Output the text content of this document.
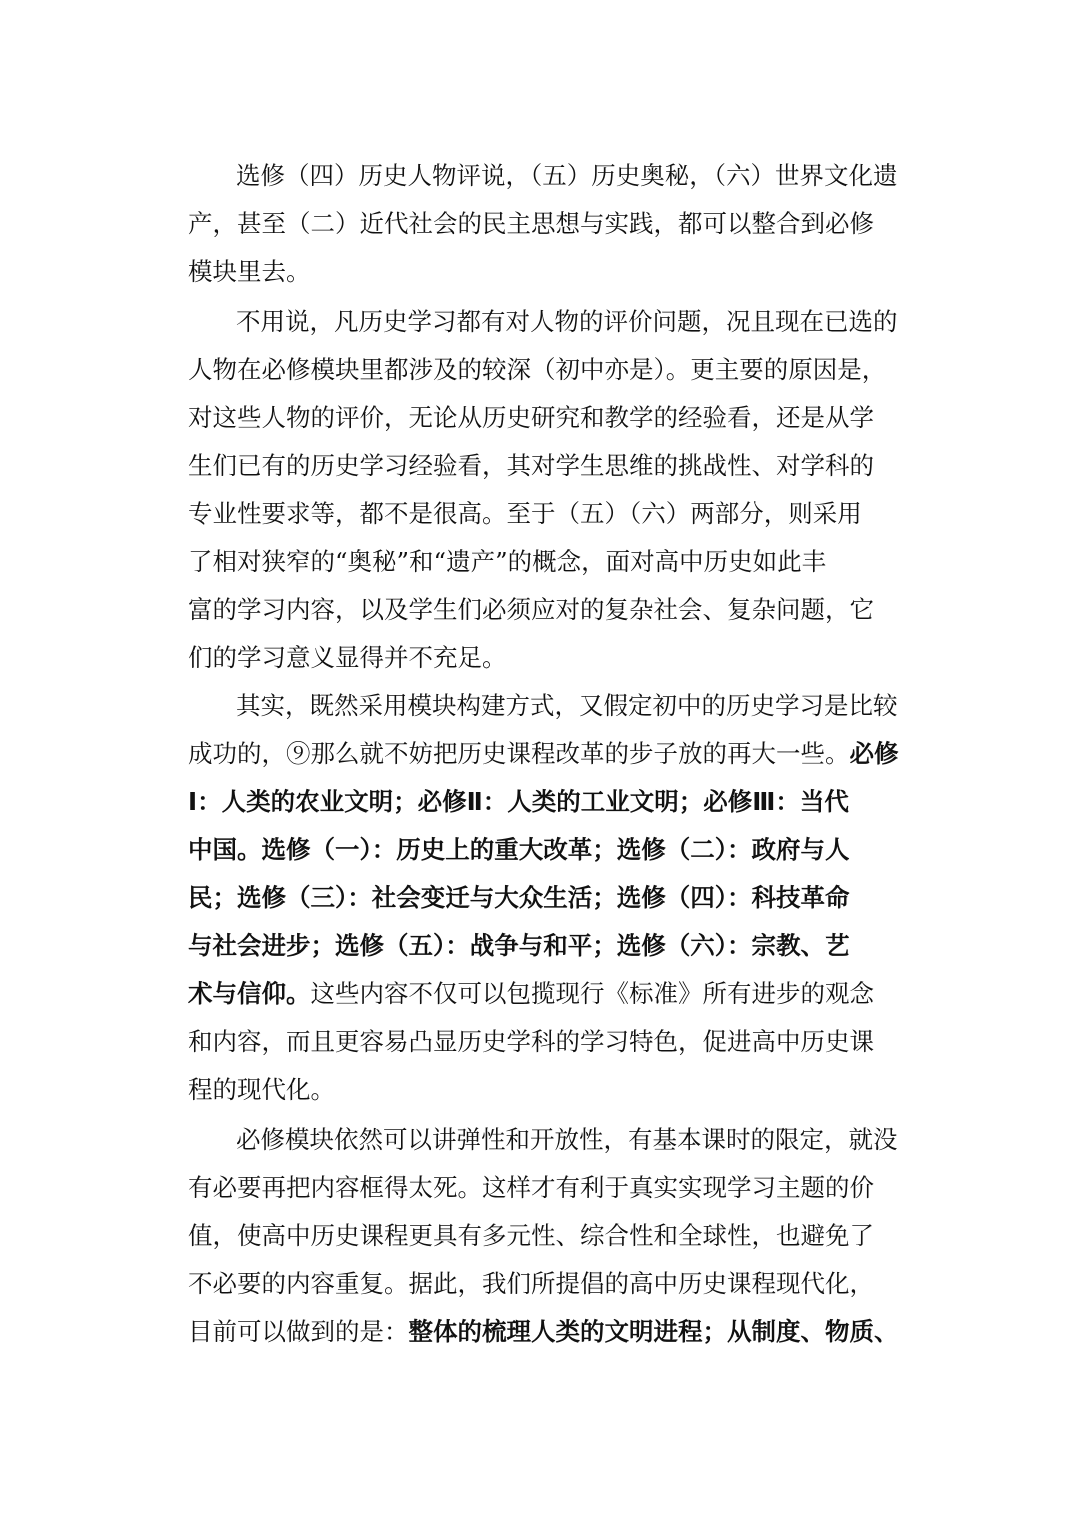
选修（四）历史人物评说，（五）历史奥秘，（六）世界文化遗
产，甚至（二）近代社会的民主思想与实践，都可以整合到必修
模块里去。
不用说，凡历史学习都有对人物的评价问题，况且现在已选的
人物在必修模块里都涉及的较深（初中亦是）。更主要的原因是，
对这些人物的评价，无论从历史研究和教学的经验看，还是从学
生们已有的历史学习经验看，其对学生思维的挑战性、对学科的
专业性要求等，都不是很高。至于（五）（六）两部分，则采用
了相对狭窄的“奥秘”和“遗产”的概念，面对高中历史如此丰
富的学习内容，以及学生们必须应对的复杂社会、复杂问题，它
们的学习意义显得并不充足。
其实，既然采用模块构建方式，又假定初中的历史学习是比较
成功的，⑨那么就不妨把历史课程改革的步子放的再大一些。必修
Ⅰ：人类的农业文明；必修Ⅱ：人类的工业文明；必修Ⅲ：当代
中国。选修（一）：历史上的重大改革；选修（二）：政府与人
民；选修（三）：社会变迁与大众生活；选修（四）：科技革命
与社会进步；选修（五）：战争与和平；选修（六）：宗教、艺
术与信仰。这些内容不仅可以包揽现行《标准》所有进步的观念
和内容，而且更容易凸显历史学科的学习特色，促进高中历史课
程的现代化。
必修模块依然可以讲弹性和开放性，有基本课时的限定，就没
有必要再把内容框得太死。这样才有利于真实实现学习主题的价
值，使高中历史课程更具有多元性、综合性和全球性，也避免了
不必要的内容重复。据此，我们所提倡的高中历史课程现代化，
目前可以做到的是：整体的梳理人类的文明进程；从制度、物质、
